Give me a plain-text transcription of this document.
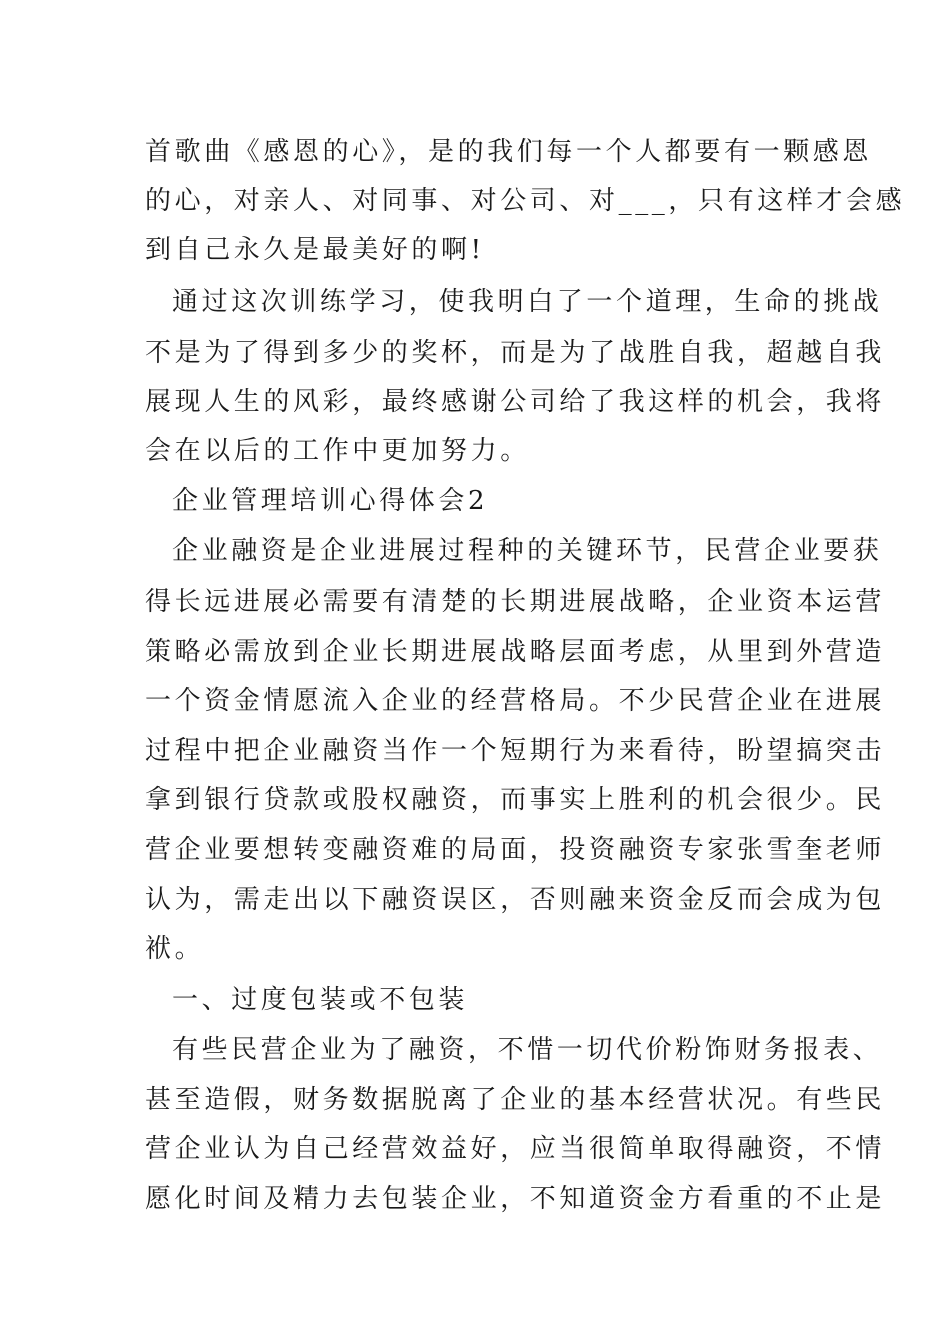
首歌曲《感恩的心》，是的我们每一个人都要有一颗感恩
的心，对亲人、对同事、对公司、对___，只有这样才会感
到自己永久是最美好的啊!
通过这次训练学习，使我明白了一个道理，生命的挑战
不是为了得到多少的奖杯，而是为了战胜自我，超越自我
展现人生的风彩，最终感谢公司给了我这样的机会，我将
会在以后的工作中更加努力。
企业管理培训心得体会2
企业融资是企业进展过程种的关键环节，民营企业要获
得长远进展必需要有清楚的长期进展战略，企业资本运营
策略必需放到企业长期进展战略层面考虑，从里到外营造
一个资金情愿流入企业的经营格局。不少民营企业在进展
过程中把企业融资当作一个短期行为来看待，盼望搞突击
拿到银行贷款或股权融资，而事实上胜利的机会很少。民
营企业要想转变融资难的局面，投资融资专家张雪奎老师
认为，需走出以下融资误区，否则融来资金反而会成为包
袱。
一、过度包装或不包装
有些民营企业为了融资，不惜一切代价粉饰财务报表、
甚至造假，财务数据脱离了企业的基本经营状况。有些民
营企业认为自己经营效益好，应当很简单取得融资，不情
愿化时间及精力去包装企业，不知道资金方看重的不止是
